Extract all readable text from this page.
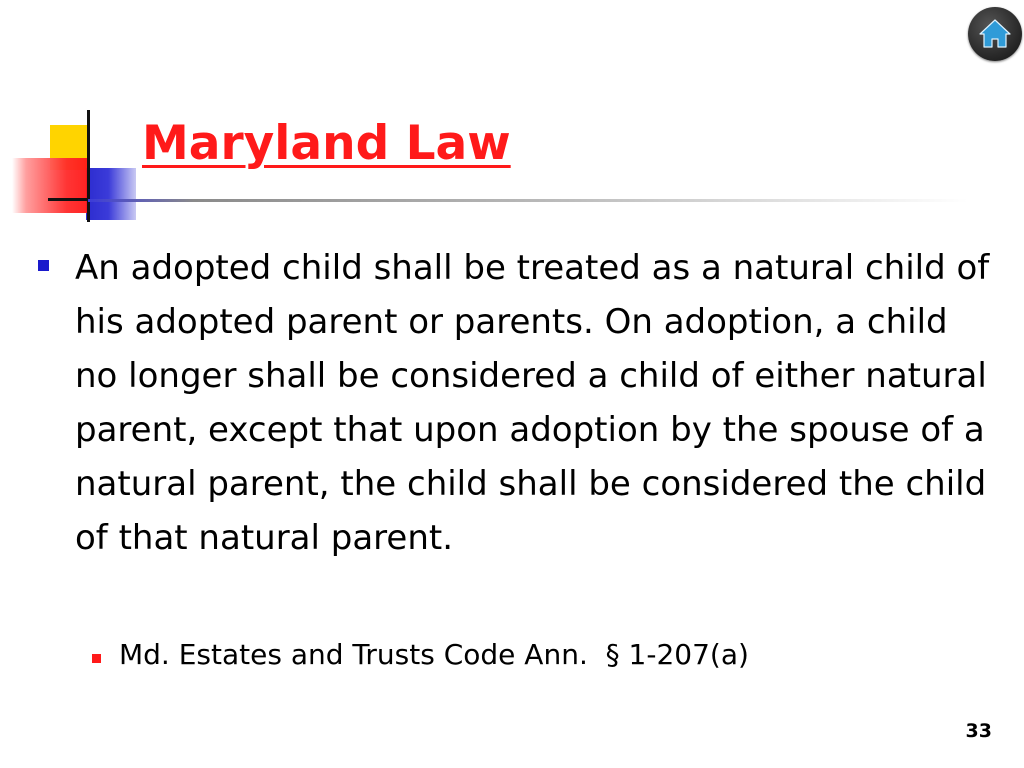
Maryland Law

An adopted child shall be treated as a natural child of his adopted parent or parents. On adoption, a child no longer shall be considered a child of either natural parent, except that upon adoption by the spouse of a natural parent, the child shall be considered the child of that natural parent.

Md. Estates and Trusts Code Ann.  § 1-207(a)

33
